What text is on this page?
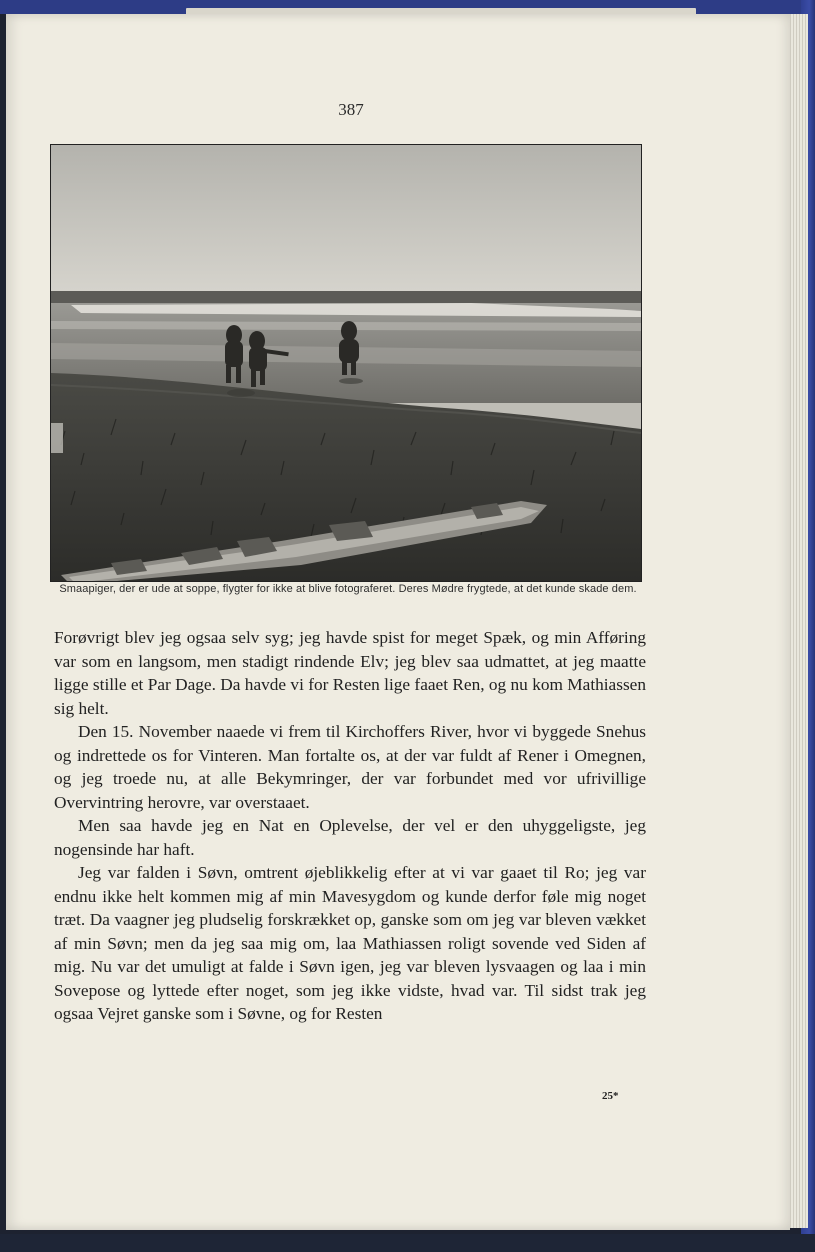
387
Smaapiger, der er ude at soppe, flygter for ikke at blive fotograferet. Deres Mødre frygtede, at det kunde skade dem.

Forøvrigt blev jeg ogsaa selv syg; jeg havde spist for meget Spæk, og min Afføring var som en langsom, men stadigt rindende Elv; jeg blev saa udmattet, at jeg maatte ligge stille et Par Dage. Da havde vi for Resten lige faaet Ren, og nu kom Mathiassen sig helt.

Den 15. November naaede vi frem til Kirchoffers River, hvor vi byggede Snehus og indrettede os for Vinteren. Man fortalte os, at der var fuldt af Rener i Omegnen, og jeg troede nu, at alle Bekymringer, der var forbundet med vor ufrivillige Overvintring herovre, var overstaaet.

Men saa havde jeg en Nat en Oplevelse, der vel er den uhyggeligste, jeg nogensinde har haft.

Jeg var falden i Søvn, omtrent øjeblikkelig efter at vi var gaaet til Ro; jeg var endnu ikke helt kommen mig af min Mavesygdom og kunde derfor føle mig noget træt. Da vaagner jeg pludselig forskrækket op, ganske som om jeg var bleven vækket af min Søvn; men da jeg saa mig om, laa Mathiassen roligt sovende ved Siden af mig. Nu var det umuligt at falde i Søvn igen, jeg var bleven lysvaagen og laa i min Sovepose og lyttede efter noget, som jeg ikke vidste, hvad var. Til sidst trak jeg ogsaa Vejret ganske som i Søvne, og for Resten

25*
